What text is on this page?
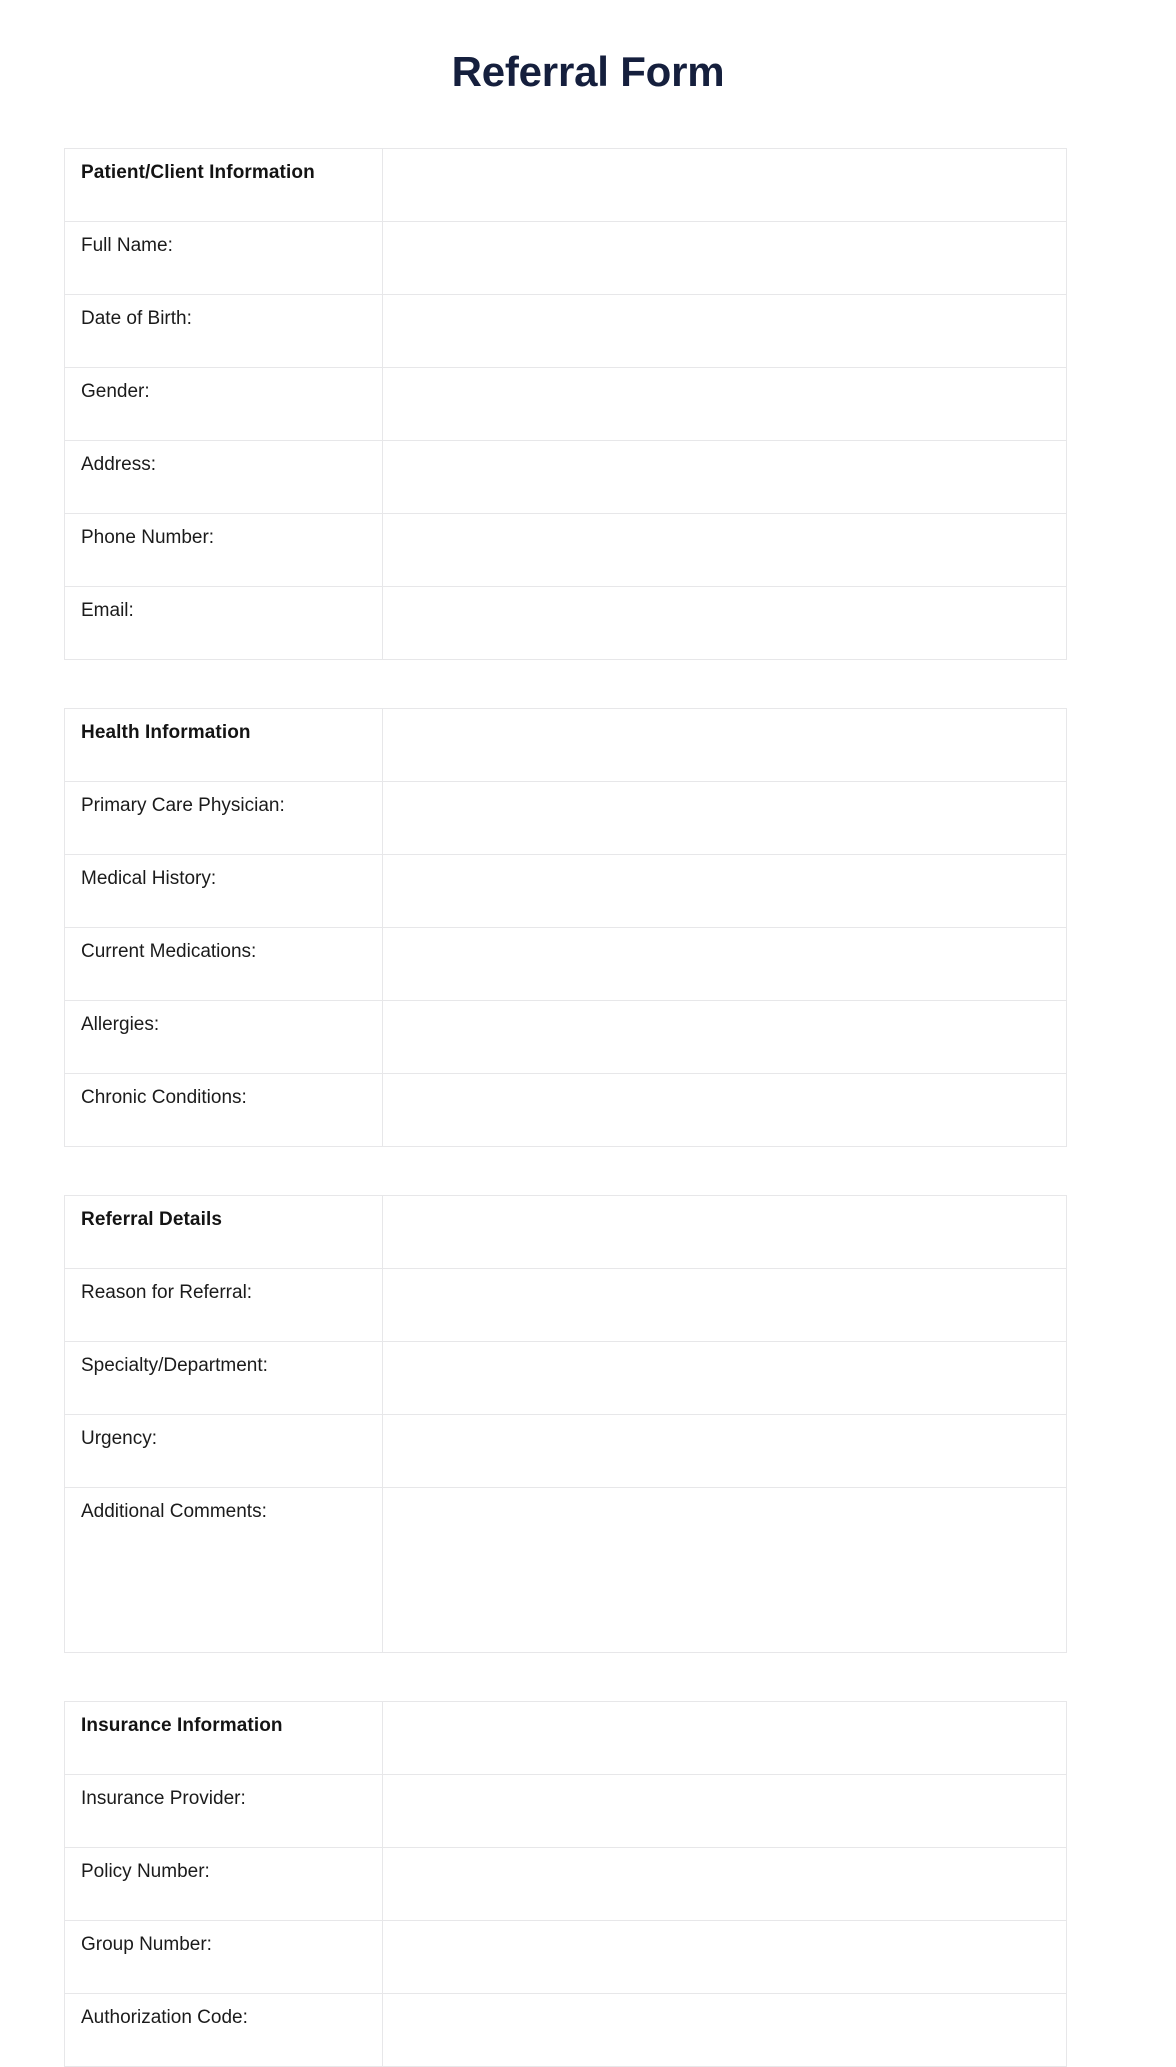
Referral Form
Patient/Client Information	
Full Name:	
Date of Birth:	
Gender:	
Address:	
Phone Number:	
Email:	
Health Information	
Primary Care Physician:	
Medical History:	
Current Medications:	
Allergies:	
Chronic Conditions:	
Referral Details	
Reason for Referral:	
Specialty/Department:	
Urgency:	
Additional Comments:	
Insurance Information	
Insurance Provider:	
Policy Number:	
Group Number:	
Authorization Code:	
